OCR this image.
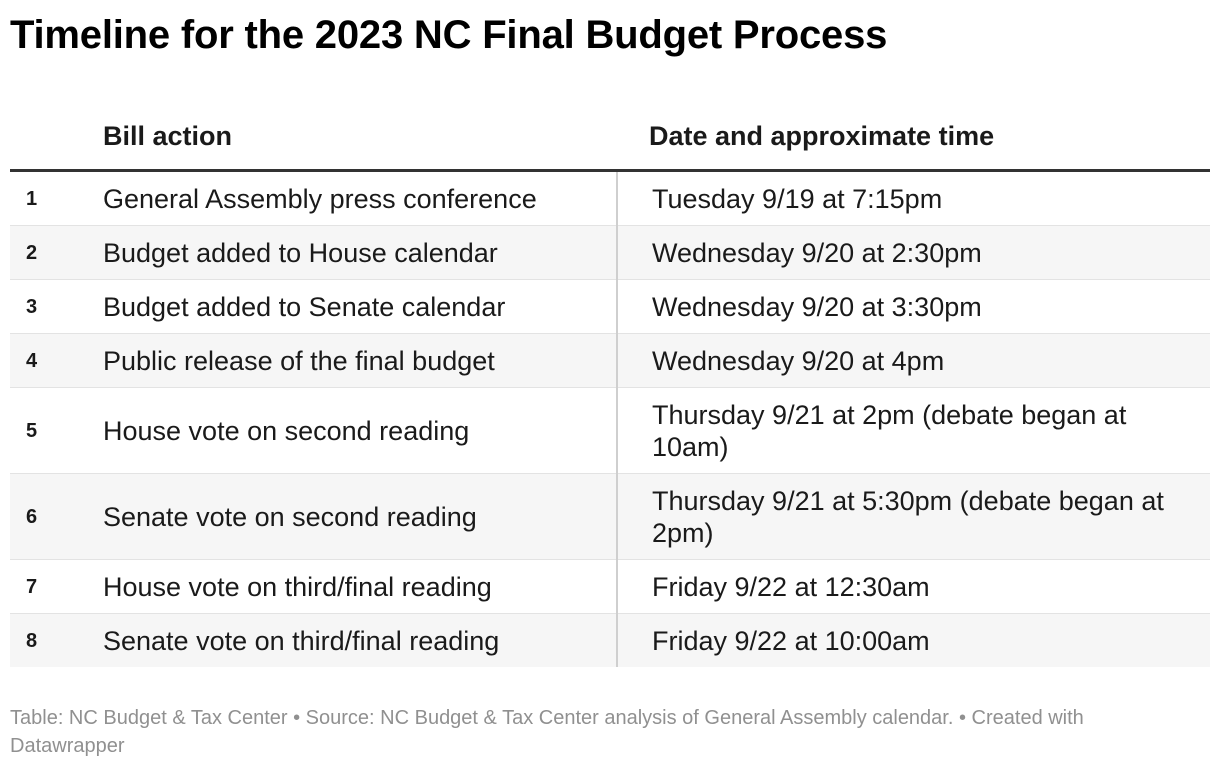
Timeline for the 2023 NC Final Budget Process
	Bill action	Date and approximate time
1	General Assembly press conference	Tuesday 9/19 at 7:15pm
2	Budget added to House calendar	Wednesday 9/20 at 2:30pm
3	Budget added to Senate calendar	Wednesday 9/20 at 3:30pm
4	Public release of the final budget	Wednesday 9/20 at 4pm
5	House vote on second reading	Thursday 9/21 at 2pm (debate began at 10am)
6	Senate vote on second reading	Thursday 9/21 at 5:30pm (debate began at 2pm)
7	House vote on third/final reading	Friday 9/22 at 12:30am
8	Senate vote on third/final reading	Friday 9/22 at 10:00am

Table: NC Budget & Tax Center • Source: NC Budget & Tax Center analysis of General Assembly calendar. • Created with Datawrapper
